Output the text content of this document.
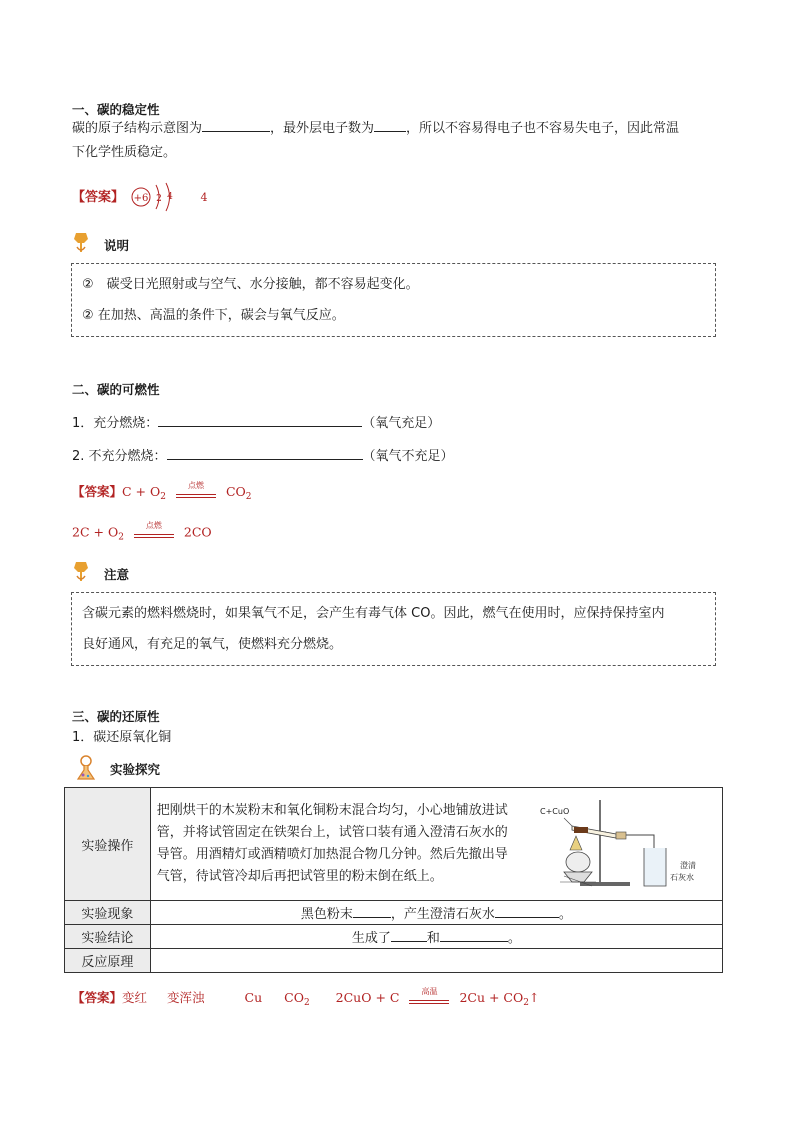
一、碳的稳定性
碳的原子结构示意图为	，最外层电子数为 ，所以不容易得电子也不容易失电子，因此常温
下化学性质稳定。
【答案】 +6 2 4	4
说明
②　碳受日光照射或与空气、水分接触，都不容易起变化。
② 在加热、高温的条件下，碳会与氧气反应。
二、碳的可燃性
1．充分燃烧：	（氧气充足）
2. 不充分燃烧：	（氧气不充足）
【答案】$C + O_2$
点燃	$CO_2$
$2C + O_2$
点燃	2CO
注意
含碳元素的燃料燃烧时，如果氧气不足，会产生有毒气体 CO。因此，燃气在使用时，应保持保持室内
良好通风，有充足的氧气，使燃料充分燃烧。
三、碳的还原性
1．碳还原氧化铜
实验探究
实验操作	把刚烘干的木炭粉末和氧化铜粉末混合均匀，小心地铺放进试管，并将试管固定在铁架台上，试管口装有通入澄清石灰水的导管。用酒精灯或酒精喷灯加热混合物几分钟。然后先撤出导气管，待试管冷却后再把试管里的粉末倒在纸上。	C+CuO
澄清
石灰水

实验现象	黑色粉末 ，产生澄清石灰水 。	
实验结论	生成了 和 。	
反应原理		
【答案】变红 变浑浊	Cu $CO_2$ 2CuO + C	高温	$2Cu + CO_2↑$
